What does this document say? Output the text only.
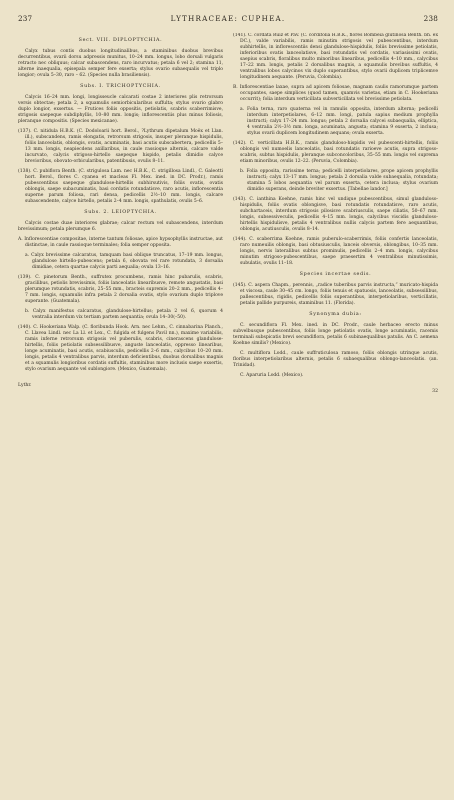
237	LYTHRACEAE: CUPHEA.	238

Sect. VIII. DIPLOPTYCHIA.

Calyx tubus contis duobus longitudinalibus, a staminibus duobus brevibus decurrentibus, ovarii dorsu adpressis munitus, 10–24 mm. longus, lobo dorsali vulgaris retracto nec obliquus; calcar subascendens, raro incurvatus; petala 6 vel 2; stamina 11, alterne inaequalia, episepala semper fere exserta; stylus ovario subaequalis vel triplo longior; ovula 5–30, raro – 62. (Species nulla brasiliensis).

Subs. I. TRICHOPTYCHIA.

Calycis 16–24 mm. longi, longisseucle calcarati costae 2 interiores plis retrorsum versis obtectae; petala 2, a squamulis semiorbicularibus suffulta; stylus ovario glabro duplo longior, exsertus. — Frutices foliis oppositis, petiolatis, scabris scaberrimisve, strigosis saepeque subdiphyllis, 10–80 mm. longis; inflorescentiis plus minus foliosis, pleranque compositis. (Species mexicanae).

(137). C. nitidula H.B.K. (C. Dodoloarii hort. Berol., ?Lythrum dipetalum Moëx et Llan. ill.), subscandens, ramis elongatis, retrorsum strigosis, insuper pleranque hispidulis, foliis lanceolatis, oblongis, ovatis, acuminatis, basi acutis subscabertera, pedicellis 5–13 mm. longis, neapiecdens axillaribus, in caule rassioque alternis, calcare valde incurvato, calycis strigoso-hirtello saepeque hispido, petalis dimidio calyce brevioribus, obovato-orbicularibus, patentibusis, ovulis 8–11.

(138). C. pubiflora Benth. (C. strigulosa Lam. nec H.B.K., C. strigillosa Lindl., C. Galeotti hort. Berol., flores C. cyanea et macleas Fl. Mex. ined. in DC. Prodr.), ramis pubescentibus saepeque glandulose-hirtellis subhirsutivis, foliis ovatis, ovatis oblongis, saepe subacuminatis, basi cordatis rotundatisve, raro acutis, inflorescentia superne parum foliosa, rari densa, pedicellis 2½–10 mm. longis, calcare subascendente, calyce hirtello, petalis 2–4 mm. longis, spathulatis, ovulis 5–6.

Subs. 2. LEIOPTYCHIA.

Calycis costae duae interiores glabrae; calcar rectum vel subascendens, interdum brevissimum; petala plerumque 6.

A. Inflorescentiae compositae, interne tantum foliosae, apice hypsophyllis instructae, aut distinctae, in caule rassioque terminales; folia semper opposita.

a. Calyx brevissime calcaratus, tamquam basi oblique truncatus, 17–19 mm. longus, glandulose hirtello-pubescens; petala 6, obovata vel rare rotundata, 3 dorsalia dimidiae, cetera quartae calycis parti aequalia; ovula 13–16.

(139). C. pinetorum Benth., suffrutex procumbens, ramis hinc pubarulis, scabris, gracilibus, petiolis brevissimis, foliis lanceolatis linearibusve, remote angustatis, basi plerumque rotundatis, scabris, 25–55 mm., bracteis supremis 20–2 mm., pedicellis 4–7 mm. longis, squamulis infra petala 2 dorsalia ovatis, stylo ovarium duplo triplove superante. (Guatemala).

b. Calyx manifestus calcaratus, glandulose-hirtellus; petala 2 vel 6, quorum 4 ventralia interdum vix tertiam partem aequantia; ovula 14–30(–50).

(140). C. Hookeriana Walp. (C. floribunda Hook. Arn. nec Lehm., C. cinnabarina Planch., C. Llavea Lindl. nec La Ll. et Lex., C. fulgida et fulgens Pavil nn.), maxime variabilis, ramis inferne retrorsum strigosis vel puberulis, scabris, cinerascens glandulose-hirtellis, foliis petiolatis subsessilibusve, anguste lanceolatis, oppresso linearibus, longe acuminatis, basi acutis, scabiusculis, pedicellis 2–6 mm., calycibus 10–20 mm. longis, petalis 4 ventralibus parvis, interdum deficientibus, duobus dorsalibus magnis et a squamulis longioribus cordatis suffultis, staminibus more inclusis saepe exsertis, stylo ovarium aequante vel sublongiore. (Mexico, Guatemala).

Lythr.

(141). C. cordata Ruiz et Pav. (C. cordifolia H.B.K., flores Bombeia glutinosa Benth. bh. ex DC.), valde variabilis, ramis minutim strigosis vel pubescentibus, interdum subhirtellis, in inflorescentiis densi glandulose-hispidulis, foliis brevissime petiolatis, inferioribus ovatis lanceolatisve, basi rotundatis vel cordatis, variasissimi ovatis, saepius scabris, floralibus multo minoribus linearibus, pedicellis 4–10 mm., calycibus 17–22 mm. longis, petalis 2 dorsalibus magnis, a squamulis brevibus suffultis, 4 ventralibus lobos calycinos vix duplo superantibus, stylo ovarii duplicem triplicemve longitudinem aequante. (Peruvia, Colombia).

B. Inflorescentiae laxae, supra ad apicem foliosae, magnam caulis ramorumque partem occupantes, saepe simplices (quod tamen, quamvis varietas, etiam in C. Hookeriana occurrit); folia interdum verticillata subverticillata vel brevissime petiolata.

a. Folia terna, raro quaterna vel in ramulis opposita, interdum alterna; pedicelli interdum interpetiolares, 6–12 mm. longi, patula sapius medium prophylla instructi; calyx 17–24 mm. longus; petala 2 dorsalia calycei subaequalia, elliptica, 4 ventralia 2½–3½ mm. longa, acuminata, angusta; stamina 9 exserta, 2 inclusa; stylus ovarii duplicem longitudinem aequans; ovula exserta.

(142). C. verticillata H.B.K., ramis glanduloso-hispidis vel pubescenti-hirtellis, foliis oblongis vel numoelis lanceolatis, basi rotundatis rarioeve acutis, supra strigoso-scabris, subtus hispidulis, pleranque subconcoloribus, 35–55 mm. longis vel suprema etiam minoribus, ovulis 12–22. (Peruvia, Colombia).

b. Folia opposita, rarissime terna; pedicelli interpetiolares, prope apicem prophyllis instructi; calyx 13–17 mm. longus; petala 2 dorsalia valde subaequalia, rotundata; stamina 5 lobos aequantia vel parum exserta, cetera inclusa; stylus ovarium dimidio superans, deinde breviter exsertus. [Tabellae landor.]

(143). C. ianthina Koehne, ramis hinc vel undique pubescentibus, simul glanduloso-hispidulis, foliis ovatis oblongisve, basi rotundatis rotundatisve, raro acutis, subchartaceis, interdum strigosis pilosisve scabriusculis, saepe ciliatis, 50–67 mm. longis, subsessiveculis, pedicellis 4–15 mm. longis, calycibus viscidis glanduloso-hirtellis hispidulisve, petalis 4 ventralibus nullis calycis partem fere aequantibus, oblongis, acutiusculis, ovulis 8–14.

(144). C. scaberrima Koehne, ramis puberulo-scaberrimis, foliis confertis lanceolatis, raro numeuilis oblongis, basi obtusiusculis, lanceis obversis, oblongibus, 10–35 mm. longis, nervis lateralibus subtus prominulis, pedicellis 2–4 mm. longis, calycibus minutim strigoso-pubescentibus, saepe praesertim 4 ventralibus minutissimis, subulatis, ovulis 11–18.

Species incertae sedis.

(145). C. aspera Chapm., perennis, „radice tuberibus parvis instructa,“ muricato-hispida et viscosa, caule 30–45 cm. longo, foliis tenuis et spatuosis, lanceolatis, subsessilibus, pallescentibus, rigidis, pedicellis foliis superantibus, interpetiolaribus, verticillatis, petalis pallide purpureis, staminibus 11. (Florida).

Synonyma dubia:

C. secundiflora Fl. Mex. ined. in DC. Prodr., caule herbaceo erecto minus subvelbusque pubescentibus, foliis longe petiolatis ovatis, longe acuminatis, racemis terminali subspicatis brevi secundiflora, petalis 6 subinaequalibus patulis. An C. aemena Koehne similis? (Mexico).

C. multiflora Lodd., caule suffruticulosa ramoso, foliis oblongis utrinque acutis, floribus interpetiolaribus alternis, petalis 6 subaequalibus oblongo-lanceolatis. (an. Trinidad).

C. Aparuria Lodd. (Mexico).

32
